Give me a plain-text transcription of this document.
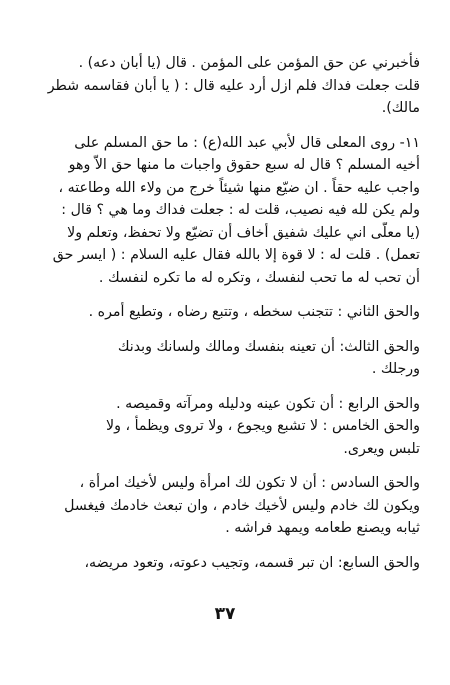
فأخبرني عن حق المؤمن على المؤمن . قال (يا أبان دعه) .
قلت جعلت فداك فلم ازل أرد عليه قال : ( يا أبان فقاسمه شطر
مالك).
١١- روى المعلى قال لأبي عبد الله(ع) : ما حق المسلم على
أخيه المسلم ؟ قال له سبع حقوق واجبات ما منها حق الاّ وهو
واجب عليه حقاً . ان ضيّع منها شيئاً خرج من ولاء الله وطاعته ،
ولم يكن لله فيه نصيب، قلت له : جعلت فداك وما هي ؟ قال :
(يا معلّى اني عليك شفيق أخاف أن تضيّع ولا تحفظ، وتعلم ولا
تعمل) . قلت له : لا قوة إلا بالله فقال عليه السلام : ( ايسر حق
أن تحب له ما تحب لنفسك ، وتكره له ما تكره لنفسك .
والحق الثاني : تتجنب سخطه ، وتتبع رضاه ، وتطيع أمره .
والحق الثالث: أن تعينه بنفسك ومالك ولسانك وبدنك
ورجلك .
والحق الرابع : أن تكون عينه ودليله ومرآته وقميصه .
والحق الخامس : لا تشبع ويجوع ، ولا تروى ويظمأ ، ولا
تلبس ويعرى.
والحق السادس : أن لا تكون لك امرأة وليس لأخيك امرأة ،
ويكون لك خادم وليس لأخيك خادم ، وان تبعث خادمك فيغسل
ثيابه ويصنع طعامه ويمهد فراشه .
والحق السابع: ان تبر قسمه، وتجيب دعوته، وتعود مريضه،
٣٧
